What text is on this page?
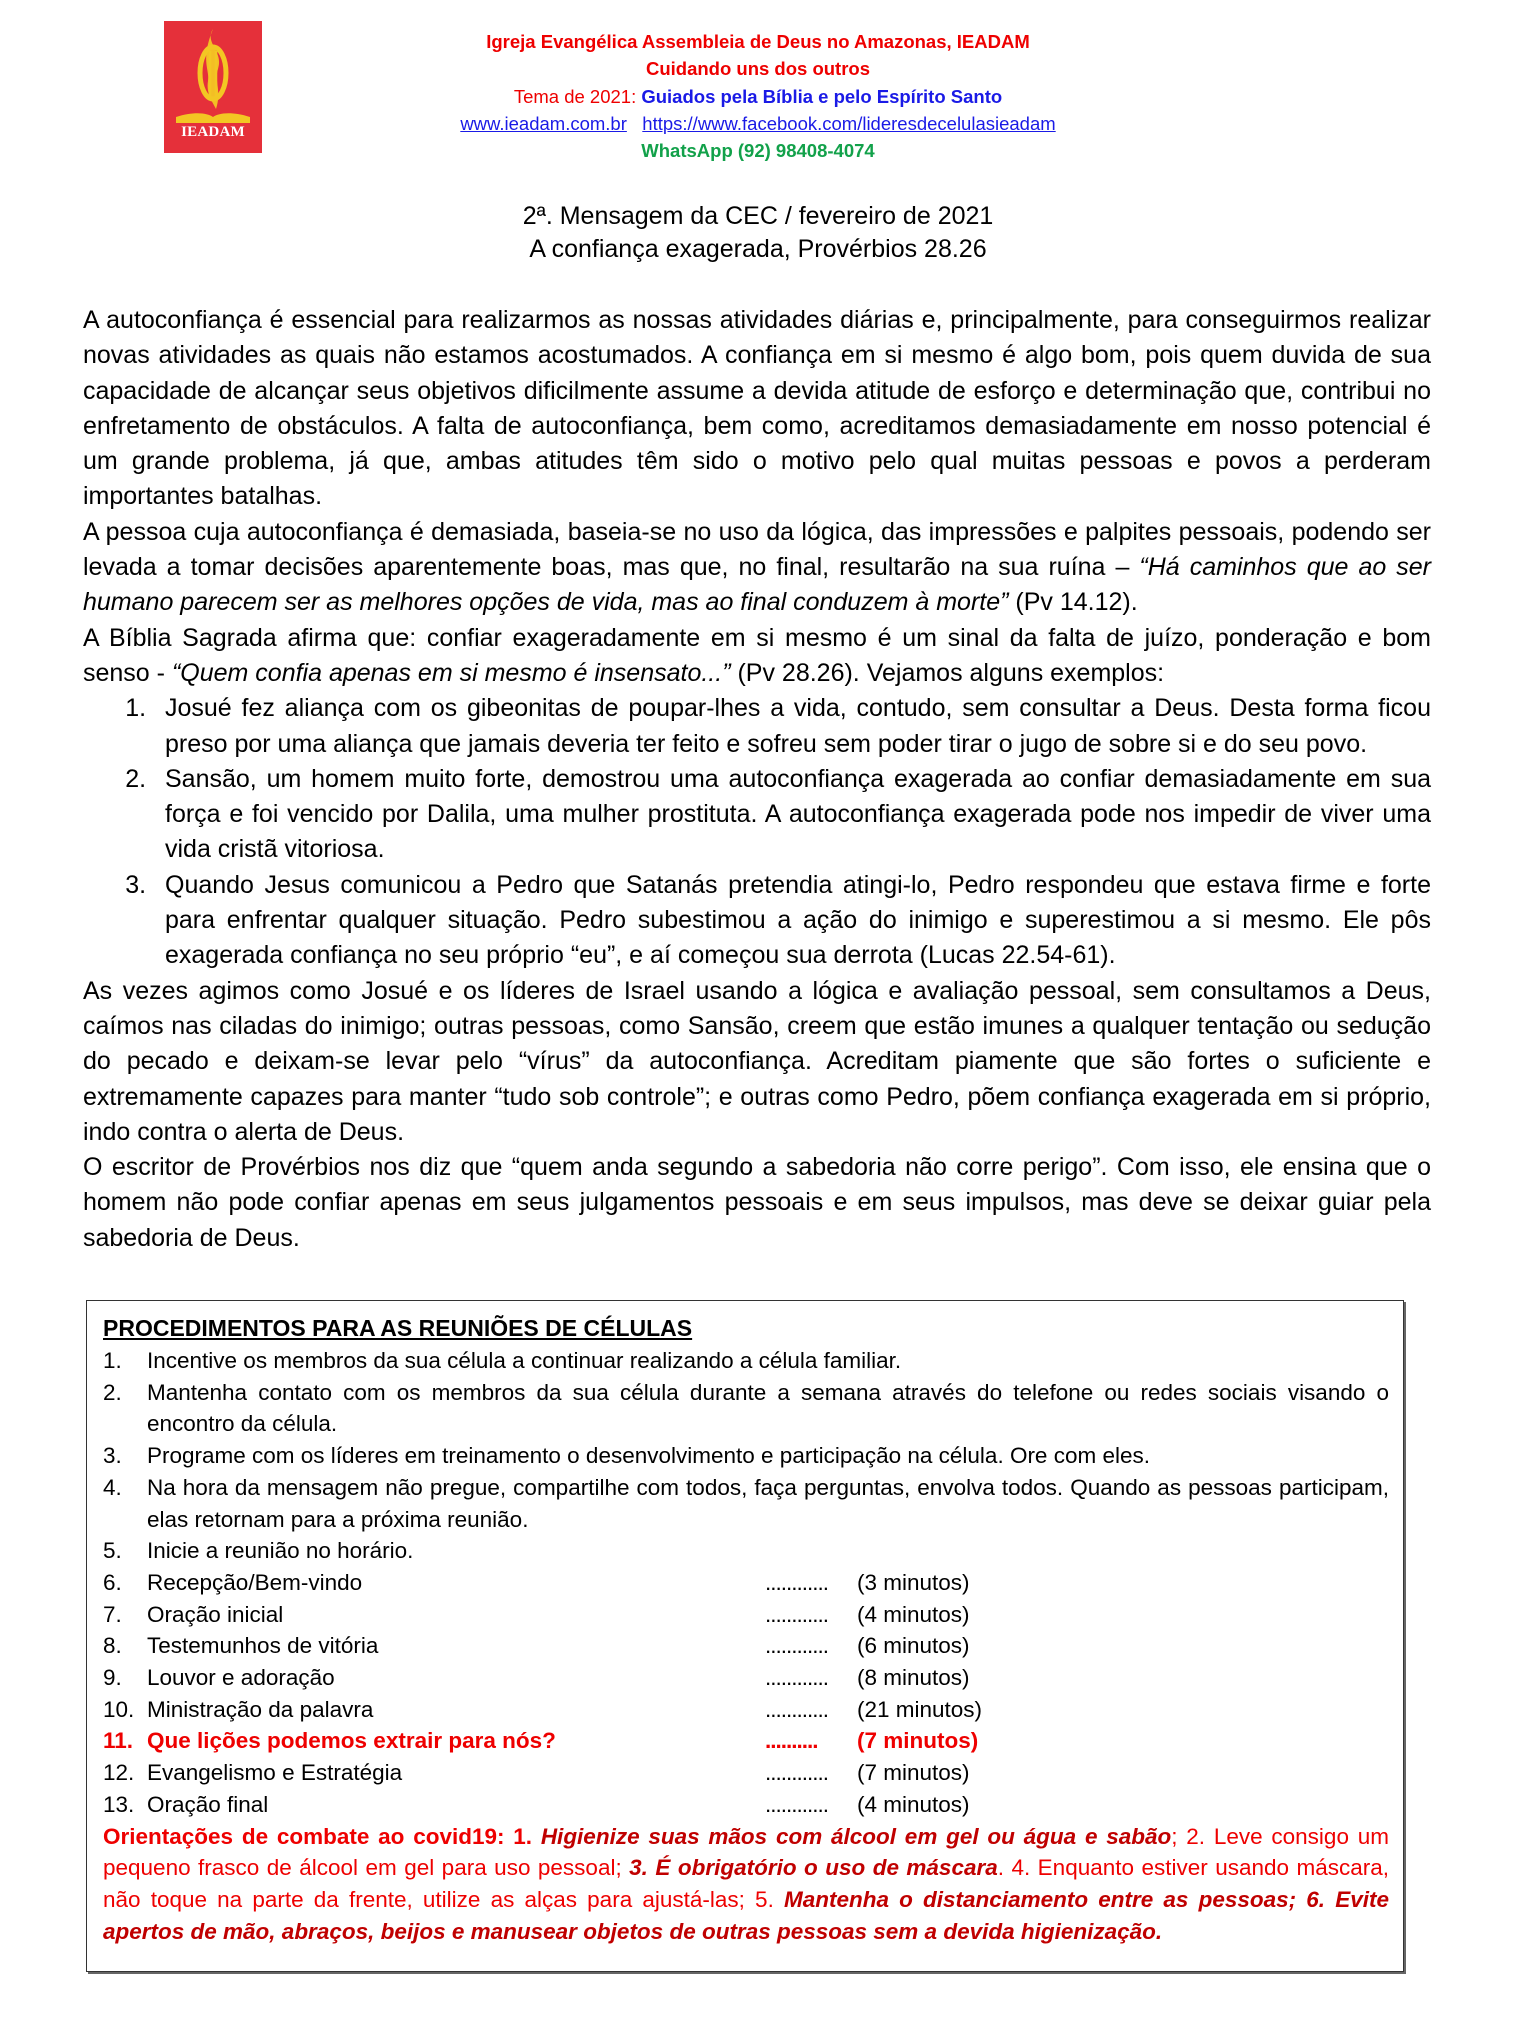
IEADAM
Igreja Evangélica Assembleia de Deus no Amazonas, IEADAM
Cuidando uns dos outros
Tema de 2021: Guiados pela Bíblia e pelo Espírito Santo
www.ieadam.com.br https://www.facebook.com/lideresdecelulasieadam
WhatsApp (92) 98408-4074
2ª. Mensagem da CEC / fevereiro de 2021
A confiança exagerada, Provérbios 28.26

A autoconfiança é essencial para realizarmos as nossas atividades diárias e, principalmente, para conseguirmos realizar novas atividades as quais não estamos acostumados. A confiança em si mesmo é algo bom, pois quem duvida de sua capacidade de alcançar seus objetivos dificilmente assume a devida atitude de esforço e determinação que, contribui no enfretamento de obstáculos. A falta de autoconfiança, bem como, acreditamos demasiadamente em nosso potencial é um grande problema, já que, ambas atitudes têm sido o motivo pelo qual muitas pessoas e povos a perderam importantes batalhas.

A pessoa cuja autoconfiança é demasiada, baseia-se no uso da lógica, das impressões e palpites pessoais, podendo ser levada a tomar decisões aparentemente boas, mas que, no final, resultarão na sua ruína – “Há caminhos que ao ser humano parecem ser as melhores opções de vida, mas ao final conduzem à morte” (Pv 14.12).

A Bíblia Sagrada afirma que: confiar exageradamente em si mesmo é um sinal da falta de juízo, ponderação e bom senso - “Quem confia apenas em si mesmo é insensato...” (Pv 28.26). Vejamos alguns exemplos:

1. Josué fez aliança com os gibeonitas de poupar-lhes a vida, contudo, sem consultar a Deus. Desta forma ficou preso por uma aliança que jamais deveria ter feito e sofreu sem poder tirar o jugo de sobre si e do seu povo.
2. Sansão, um homem muito forte, demostrou uma autoconfiança exagerada ao confiar demasiadamente em sua força e foi vencido por Dalila, uma mulher prostituta. A autoconfiança exagerada pode nos impedir de viver uma vida cristã vitoriosa.
3. Quando Jesus comunicou a Pedro que Satanás pretendia atingi-lo, Pedro respondeu que estava firme e forte para enfrentar qualquer situação. Pedro subestimou a ação do inimigo e superestimou a si mesmo. Ele pôs exagerada confiança no seu próprio “eu”, e aí começou sua derrota (Lucas 22.54-61).

As vezes agimos como Josué e os líderes de Israel usando a lógica e avaliação pessoal, sem consultamos a Deus, caímos nas ciladas do inimigo; outras pessoas, como Sansão, creem que estão imunes a qualquer tentação ou sedução do pecado e deixam-se levar pelo “vírus” da autoconfiança. Acreditam piamente que são fortes o suficiente e extremamente capazes para manter “tudo sob controle”; e outras como Pedro, põem confiança exagerada em si próprio, indo contra o alerta de Deus.

O escritor de Provérbios nos diz que “quem anda segundo a sabedoria não corre perigo”. Com isso, ele ensina que o homem não pode confiar apenas em seus julgamentos pessoais e em seus impulsos, mas deve se deixar guiar pela sabedoria de Deus.

PROCEDIMENTOS PARA AS REUNIÕES DE CÉLULAS
1.	Incentive os membros da sua célula a continuar realizando a célula familiar.
2.	Mantenha contato com os membros da sua célula durante a semana através do telefone ou redes sociais visando o encontro da célula.
3.	Programe com os líderes em treinamento o desenvolvimento e participação na célula. Ore com eles.
4.	Na hora da mensagem não pregue, compartilhe com todos, faça perguntas, envolva todos. Quando as pessoas participam, elas retornam para a próxima reunião.
5.	Inicie a reunião no horário.
6.	Recepção/Bem-vindo	............	(3 minutos)
7.	Oração inicial	............	(4 minutos)
8.	Testemunhos de vitória	............	(6 minutos)
9.	Louvor e adoração	............	(8 minutos)
10. Ministração da palavra	............	(21 minutos)
11. Que lições podemos extrair para nós?	..........	(7 minutos)
12. Evangelismo e Estratégia	............	(7 minutos)
13. Oração final	............	(4 minutos)

Orientações de combate ao covid19: 1. Higienize suas mãos com álcool em gel ou água e sabão; 2. Leve consigo um pequeno frasco de álcool em gel para uso pessoal; 3. É obrigatório o uso de máscara. 4. Enquanto estiver usando máscara, não toque na parte da frente, utilize as alças para ajustá-las; 5. Mantenha o distanciamento entre as pessoas; 6. Evite apertos de mão, abraços, beijos e manusear objetos de outras pessoas sem a devida higienização.
